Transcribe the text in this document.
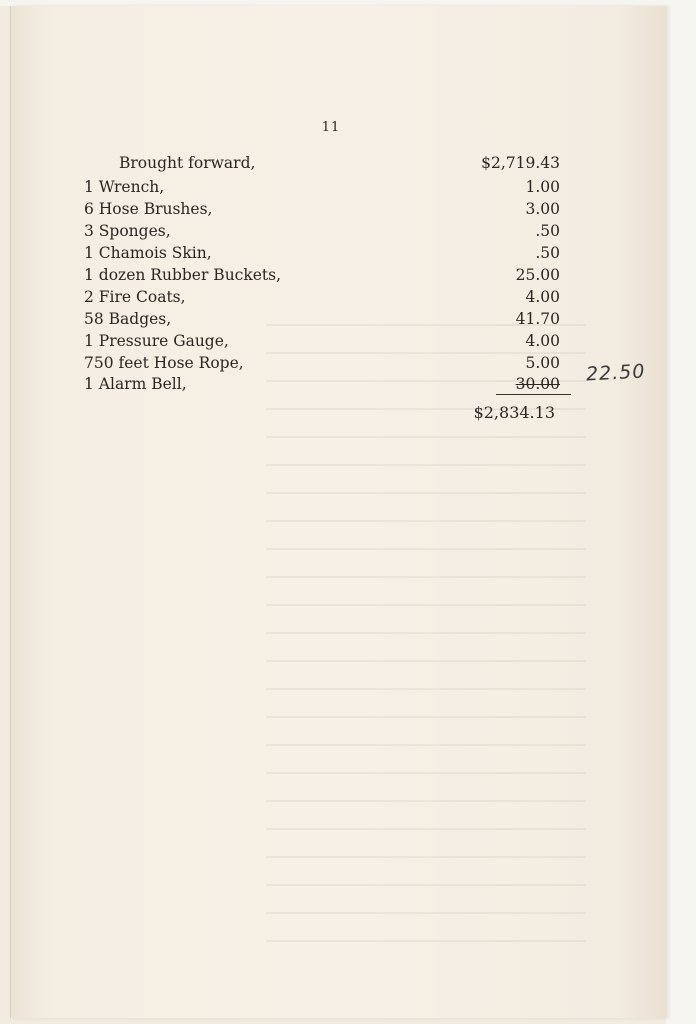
11
Brought forward,	$2,719.43
1 Wrench,	1.00
6 Hose Brushes,	3.00
3 Sponges,	.50
1 Chamois Skin,	.50
1 dozen Rubber Buckets,	25.00
2 Fire Coats,	4.00
58 Badges,	41.70
1 Pressure Gauge,	4.00
750 feet Hose Rope,	5.00
1 Alarm Bell,	30.00 22.50
$2,834.13
